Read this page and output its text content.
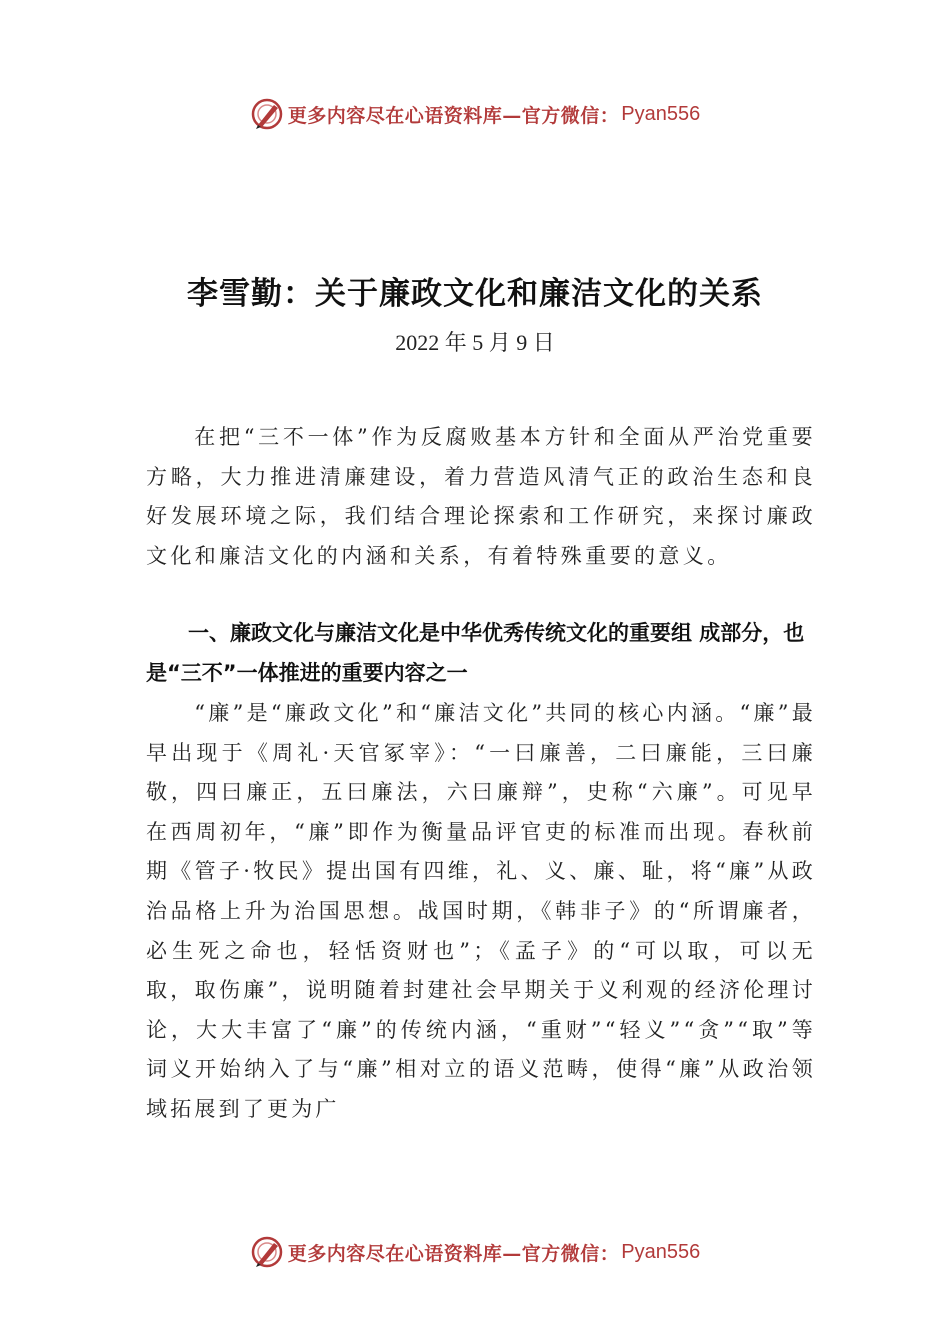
更多内容尽在心语资料库—官方微信： Pyan556
李雪勤：关于廉政文化和廉洁文化的关系

2022 年 5 月 9 日

在把“三不一体”作为反腐败基本方针和全面从严治党重要方略，大力推进清廉建设，着力营造风清气正的政治生态和良好发展环境之际，我们结合理论探索和工作研究，来探讨廉政文化和廉洁文化的内涵和关系，有着特殊重要的意义。

一、廉政文化与廉洁文化是中华优秀传统文化的重要组 成部分，也是“三不”一体推进的重要内容之一

“廉”是“廉政文化”和“廉洁文化”共同的核心内涵。“廉”最早出现于《周礼·天官冢宰》：“一曰廉善，二曰廉能，三曰廉敬，四曰廉正，五曰廉法，六曰廉辩”，史称“六廉”。可见早在西周初年，“廉”即作为衡量品评官吏的标准而出现。春秋前期《管子·牧民》提出国有四维，礼、义、廉、耻，将“廉”从政治品格上升为治国思想。战国时期，《韩非子》的“所谓廉者，必生死之命也，轻恬资财也”；《孟子》的“可以取，可以无取，取伤廉”，说明随着封建社会早期关于义利观的经济伦理讨论，大大丰富了“廉”的传统内涵，“重财”“轻义”“贪”“取”等词义开始纳入了与“廉”相对立的语义范畴，使得“廉”从政治领域拓展到了更为广

更多内容尽在心语资料库—官方微信： Pyan556
